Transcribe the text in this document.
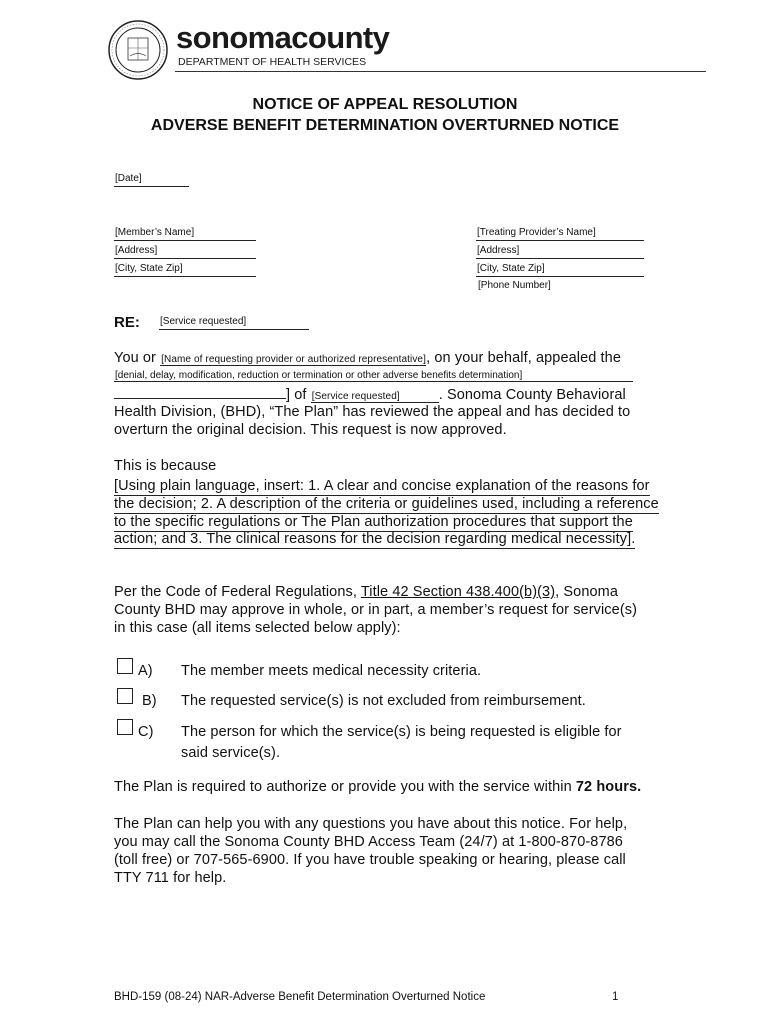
sonomacounty
DEPARTMENT OF HEALTH SERVICES
NOTICE OF APPEAL RESOLUTION
ADVERSE BENEFIT DETERMINATION OVERTURNED NOTICE
[Date]
[Member’s Name]
[Address]
[City, State Zip]
[Treating Provider’s Name]
[Address]
[City, State Zip]
[Phone Number]
RE: [Service requested]
You or [Name of requesting provider or authorized representative], on your behalf, appealed the
[denial, delay, modification, reduction or termination or other adverse benefits determination]
] of [Service requested]	. Sonoma County Behavioral
Health Division, (BHD), “The Plan” has reviewed the appeal and has decided to
overturn the original decision. This request is now approved.
This is because
[Using plain language, insert: 1. A clear and concise explanation of the reasons for
the decision; 2. A description of the criteria or guidelines used, including a reference
to the specific regulations or The Plan authorization procedures that support the
action; and 3. The clinical reasons for the decision regarding medical necessity].
Per the Code of Federal Regulations, Title 42 Section 438.400(b)(3), Sonoma
County BHD may approve in whole, or in part, a member’s request for service(s)
in this case (all items selected below apply):
A) The member meets medical necessity criteria.
B) The requested service(s) is not excluded from reimbursement.
C) The person for which the service(s) is being requested is eligible for
said service(s).
The Plan is required to authorize or provide you with the service within 72 hours.
The Plan can help you with any questions you have about this notice. For help,
you may call the Sonoma County BHD Access Team (24/7) at 1-800-870-8786
(toll free) or 707-565-6900. If you have trouble speaking or hearing, please call
TTY 711 for help.
BHD-159 (08-24) NAR-Adverse Benefit Determination Overturned Notice	1
